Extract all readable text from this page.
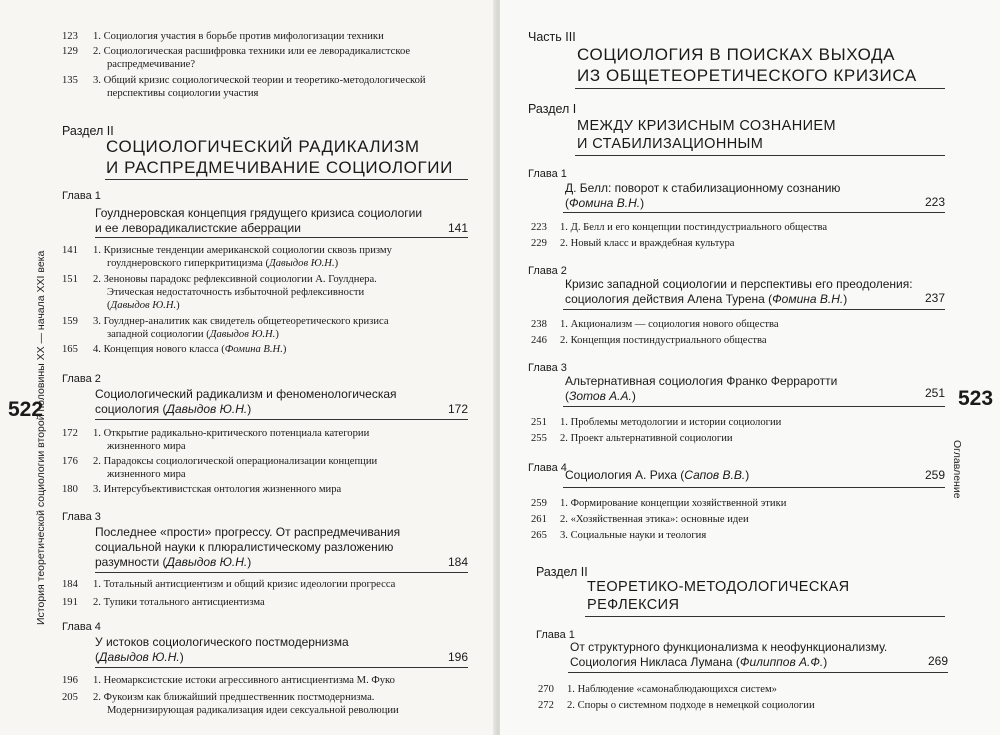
История теоретической социологии второй половины XX — начала XXI века
522
123	1. Социология участия в борьбе против мифологизации техники
129	2. Социологическая расшифровка техники или ее леворадикалистское
распредмечивание?
135	3. Общий кризис социологической теории и теоретико-методологической
перспективы социологии участия
Раздел II
СОЦИОЛОГИЧЕСКИЙ РАДИКАЛИЗМ
И РАСПРЕДМЕЧИВАНИЕ СОЦИОЛОГИИ
Глава 1
Гоулднеровская концепция грядущего кризиса социологии
и ее леворадикалистские аберрации	141
141	1. Кризисные тенденции американской социологии сквозь призму
гоулднеровского гиперкритицизма (Давыдов Ю.Н.)
151	2. Зеноновы парадокс рефлексивной социологии А. Гоулднера.
Этическая недостаточность избыточной рефлексивности
(Давыдов Ю.Н.)
159	3. Гоулднер-аналитик как свидетель общетеоретического кризиса
западной социологии (Давыдов Ю.Н.)
165	4. Концепция нового класса (Фомина В.Н.)
Глава 2
Социологический радикализм и феноменологическая
социология (Давыдов Ю.Н.)	172
172	1. Открытие радикально-критического потенциала категории
жизненного мира
176	2. Парадоксы социологической операционализации концепции
жизненного мира
180	3. Интерсубъективистская онтология жизненного мира
Глава 3
Последнее «прости» прогрессу. От распредмечивания
социальной науки к плюралистическому разложению
разумности (Давыдов Ю.Н.)	184
184	1. Тотальный антисциентизм и общий кризис идеологии прогресса
191	2. Тупики тотального антисциентизма
Глава 4
У истоков социологического постмодернизма
(Давыдов Ю.Н.)	196
196	1. Неомарксистские истоки агрессивного антисциентизма М. Фуко
205	2. Фукоизм как ближайший предшественник постмодернизма.
Модернизирующая радикализация идеи сексуальной революции
523
Оглавление
Часть III
СОЦИОЛОГИЯ В ПОИСКАХ ВЫХОДА
ИЗ ОБЩЕТЕОРЕТИЧЕСКОГО КРИЗИСА
Раздел I
МЕЖДУ КРИЗИСНЫМ СОЗНАНИЕМ
И СТАБИЛИЗАЦИОННЫМ
Глава 1
Д. Белл: поворот к стабилизационному сознанию
(Фомина В.Н.)	223
223	1. Д. Белл и его концепции постиндустриального общества
229	2. Новый класс и враждебная культура
Глава 2
Кризис западной социологии и перспективы его преодоления:
социология действия Алена Турена (Фомина В.Н.)	237
238	1. Акционализм — социология нового общества
246	2. Концепция постиндустриального общества
Глава 3
Альтернативная социология Франко Ферраротти
(Зотов А.А.)	251
251	1. Проблемы методологии и истории социологии
255	2. Проект альтернативной социологии
Глава 4
Социология А. Риха (Сапов В.В.)	259
259	1. Формирование концепции хозяйственной этики
261	2. «Хозяйственная этика»: основные идеи
265	3. Социальные науки и теология
Раздел II
ТЕОРЕТИКО-МЕТОДОЛОГИЧЕСКАЯ
РЕФЛЕКСИЯ
Глава 1
От структурного функционализма к неофункционализму.
Социология Никласа Лумана (Филиппов А.Ф.)	269
270	1. Наблюдение «самонаблюдающихся систем»
272	2. Споры о системном подходе в немецкой социологии
